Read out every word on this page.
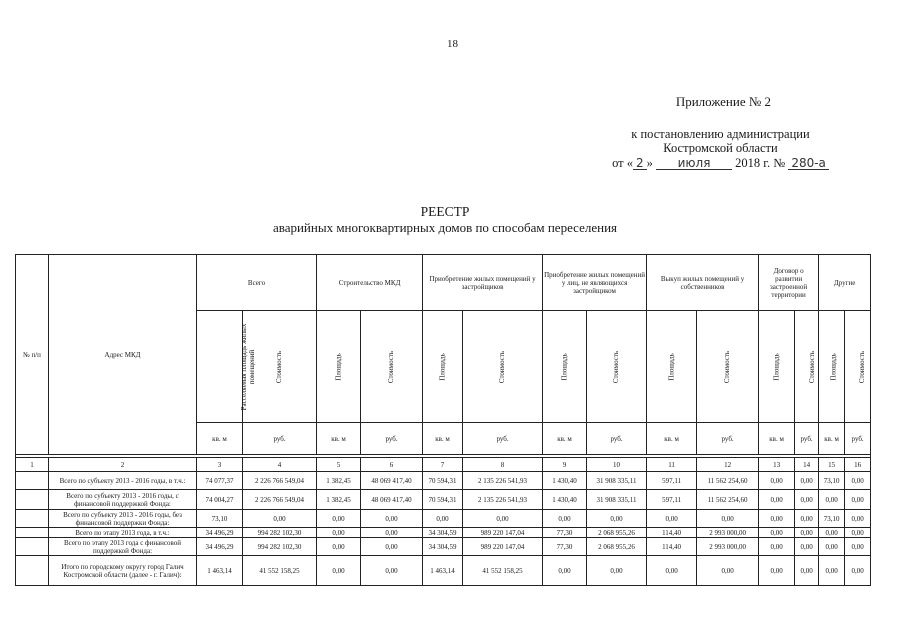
18
Приложение № 2
к постановлению администрации
Костромской области
от « 2 » июля 2018 г. № 280-а
РЕЕСТР
аварийных многоквартирных домов по способам переселения
№ п/п	Адрес МКД	Всего		Строительство МКД		Приобретение жилых помещений у застройщиков		Приобретение жилых помещений у лиц, не являющихся застройщиком		Выкуп жилых помещений у собственников		Договор о развитии застроенной территории		Другие	
		Расселяемая площадь жилых помещений	Стоимость	Площадь	Стоимость	Площадь	Стоимость	Площадь	Стоимость	Площадь	Стоимость	Площадь	Стоимость	Площадь	Стоимость
		кв. м	руб.	кв. м	руб.	кв. м	руб.	кв. м	руб.	кв. м	руб.	кв. м	руб.	кв. м	руб.

1	2	3	4	5	6	7	8	9	10	11	12	13	14	15	16
	Всего по субъекту 2013 - 2016 годы, в т.ч.:	74 077,37	2 226 766 549,04	1 382,45	48 069 417,40	70 594,31	2 135 226 541,93	1 430,40	31 908 335,11	597,11	11 562 254,60	0,00	0,00	73,10	0,00
	Всего по субъекту 2013 - 2016 годы, с финансовой поддержкой Фонда:	74 004,27	2 226 766 549,04	1 382,45	48 069 417,40	70 594,31	2 135 226 541,93	1 430,40	31 908 335,11	597,11	11 562 254,60	0,00	0,00	0,00	0,00
	Всего по субъекту 2013 - 2016 годы, без финансовой поддержки Фонда:	73,10	0,00	0,00	0,00	0,00	0,00	0,00	0,00	0,00	0,00	0,00	0,00	73,10	0,00
	Всего по этапу 2013 года, в т.ч.:	34 496,29	994 282 102,30	0,00	0,00	34 304,59	989 220 147,04	77,30	2 068 955,26	114,40	2 993 000,00	0,00	0,00	0,00	0,00
	Всего по этапу 2013 года с финансовой поддержкой Фонда:	34 496,29	994 282 102,30	0,00	0,00	34 304,59	989 220 147,04	77,30	2 068 955,26	114,40	2 993 000,00	0,00	0,00	0,00	0,00
	Итого по городскому округу город Галич Костромской области (далее - г. Галич):	1 463,14	41 552 158,25	0,00	0,00	1 463,14	41 552 158,25	0,00	0,00	0,00	0,00	0,00	0,00	0,00	0,00
